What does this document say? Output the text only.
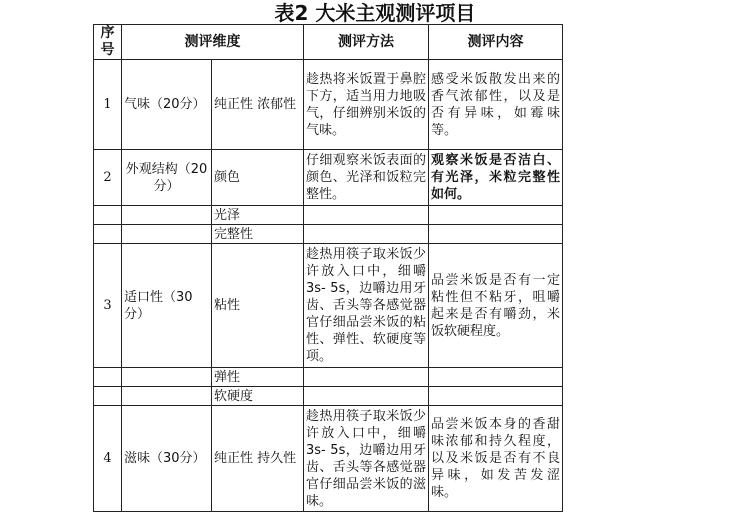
表2 大米主观测评项目
序号	测评维度		测评方法	测评内容
1	气味（20分）	纯正性 浓郁性	趁热将米饭置于鼻腔下方，适当用力地吸气，仔细辨别米饭的气味。	感受米饭散发出来的香气浓郁性，以及是否有异味，如霉味等。
2	外观结构（20分）	颜色	仔细观察米饭表面的颜色、光泽和饭粒完整性。	观察米饭是否洁白、有光泽，米粒完整性如何。
		光泽		
		完整性		
3	适口性（30分）	粘性	趁热用筷子取米饭少许放入口中，细嚼3s- 5s，边嚼边用牙齿、舌头等各感觉器官仔细品尝米饭的粘性、弹性、软硬度等项。	品尝米饭是否有一定粘性但不粘牙，咀嚼起来是否有嚼劲，米饭软硬程度。
		弹性		
		软硬度		
4	滋味（30分）	纯正性 持久性	趁热用筷子取米饭少许放入口中，细嚼3s- 5s，边嚼边用牙齿、舌头等各感觉器官仔细品尝米饭的滋味。	品尝米饭本身的香甜味浓郁和持久程度，以及米饭是否有不良异味，如发苦发涩味。
